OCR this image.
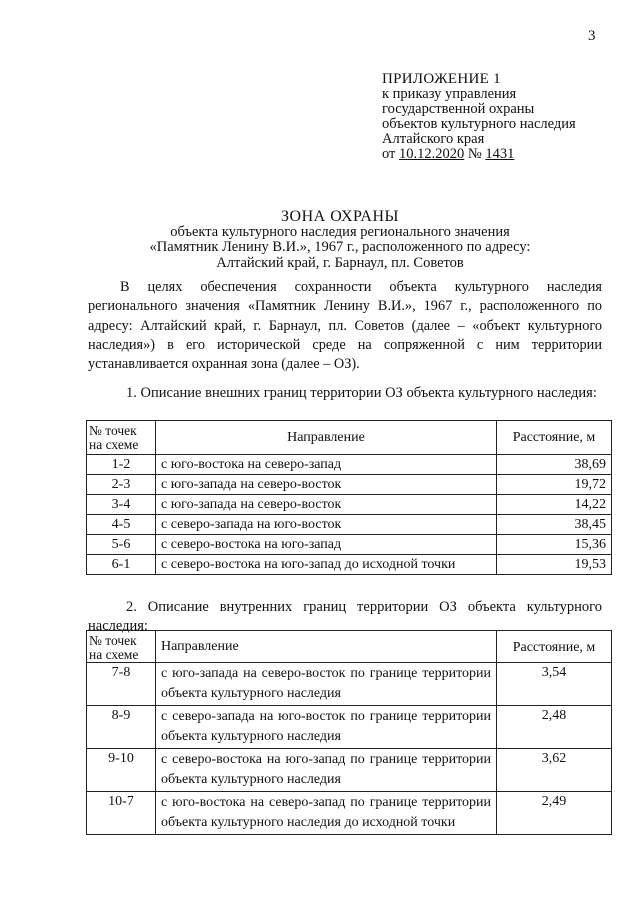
3
ПРИЛОЖЕНИЕ 1
к приказу управления
государственной охраны
объектов культурного наследия
Алтайского края
от 10.12.2020 № 1431
ЗОНА ОХРАНЫ
объекта культурного наследия регионального значения
«Памятник Ленину В.И.», 1967 г., расположенного по адресу:
Алтайский край, г. Барнаул, пл. Советов

В целях обеспечения сохранности объекта культурного наследия регионального значения «Памятник Ленину В.И.», 1967 г., расположенного по адресу: Алтайский край, г. Барнаул, пл. Советов (далее – «объект культурного наследия») в его исторической среде на сопряженной с ним территории устанавливается охранная зона (далее – ОЗ).

1. Описание внешних границ территории ОЗ объекта культурного наследия:

№ точек на схеме	Направление	Расстояние, м
1-2	с юго-востока на северо-запад	38,69
2-3	с юго-запада на северо-восток	19,72
3-4	с юго-запада на северо-восток	14,22
4-5	с северо-запада на юго-восток	38,45
5-6	с северо-востока на юго-запад	15,36
6-1	с северо-востока на юго-запад до исходной точки	19,53

2. Описание внутренних границ территории ОЗ объекта культурного наследия:

№ точек на схеме	Направление	Расстояние, м
7-8	с юго-запада на северо-восток по границе территории объекта культурного наследия	3,54
8-9	с северо-запада на юго-восток по границе территории объекта культурного наследия	2,48
9-10	с северо-востока на юго-запад по границе территории объекта культурного наследия	3,62
10-7	с юго-востока на северо-запад по границе территории объекта культурного наследия до исходной точки	2,49
